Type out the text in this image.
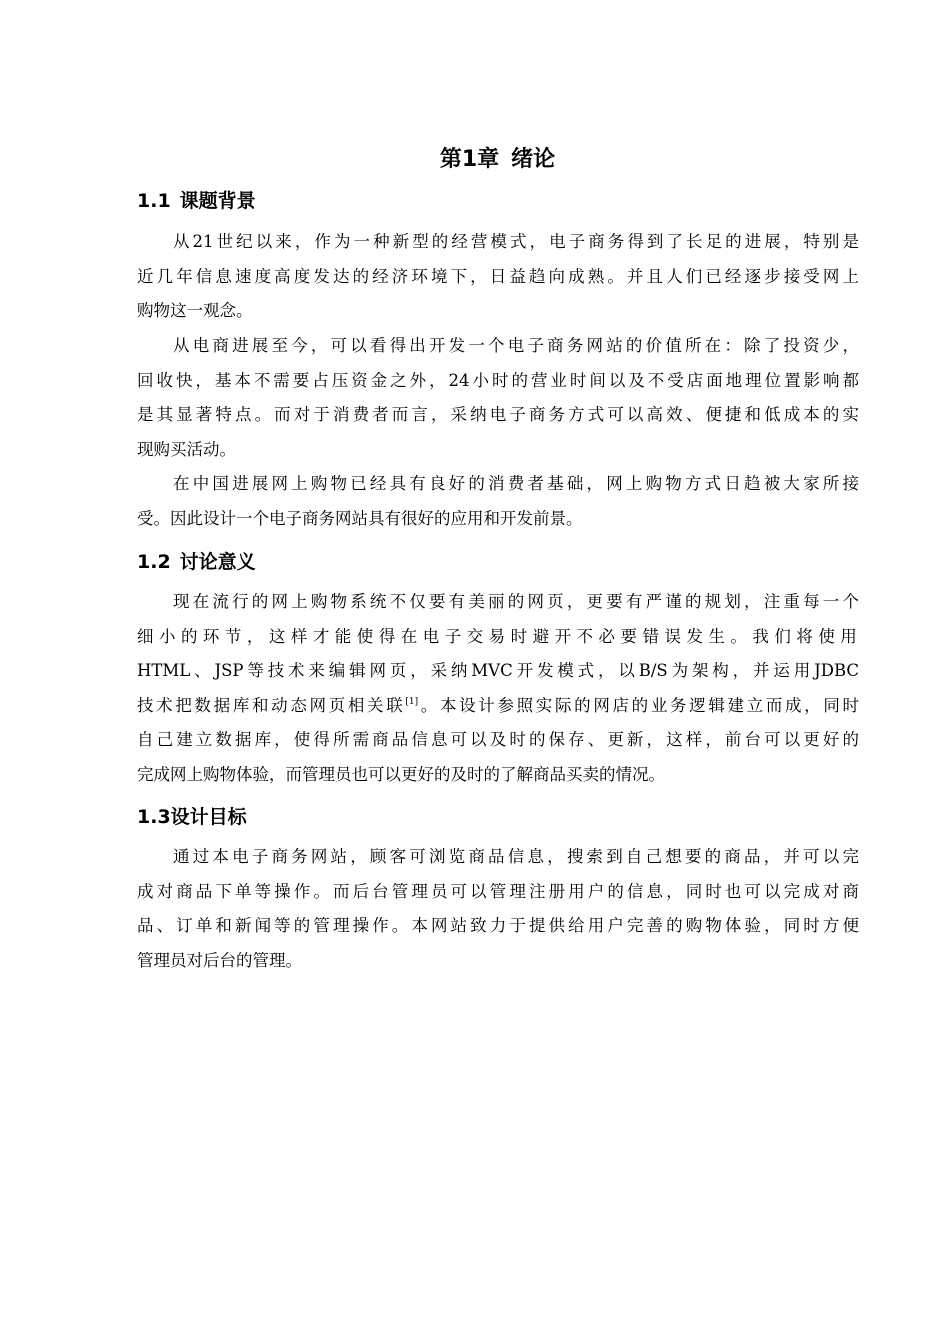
第1章 绪论
1.1 课题背景
从21世纪以来，作为一种新型的经营模式，电子商务得到了长足的进展，特别是
近几年信息速度高度发达的经济环境下，日益趋向成熟。并且人们已经逐步接受网上
购物这一观念。
从电商进展至今，可以看得出开发一个电子商务网站的价值所在：除了投资少，
回收快，基本不需要占压资金之外，24小时的营业时间以及不受店面地理位置影响都
是其显著特点。而对于消费者而言，采纳电子商务方式可以高效、便捷和低成本的实
现购买活动。
在中国进展网上购物已经具有良好的消费者基础，网上购物方式日趋被大家所接
受。因此设计一个电子商务网站具有很好的应用和开发前景。
1.2 讨论意义
现在流行的网上购物系统不仅要有美丽的网页，更要有严谨的规划，注重每一个
细小的环节，这样才能使得在电子交易时避开不必要错误发生。我们将使用
HTML、JSP等技术来编辑网页，采纳MVC开发模式，以B/S为架构，并运用JDBC
技术把数据库和动态网页相关联[1]。本设计参照实际的网店的业务逻辑建立而成，同时
自己建立数据库，使得所需商品信息可以及时的保存、更新，这样，前台可以更好的
完成网上购物体验，而管理员也可以更好的及时的了解商品买卖的情况。
1.3设计目标
通过本电子商务网站，顾客可浏览商品信息，搜索到自己想要的商品，并可以完
成对商品下单等操作。而后台管理员可以管理注册用户的信息，同时也可以完成对商
品、订单和新闻等的管理操作。本网站致力于提供给用户完善的购物体验，同时方便
管理员对后台的管理。
